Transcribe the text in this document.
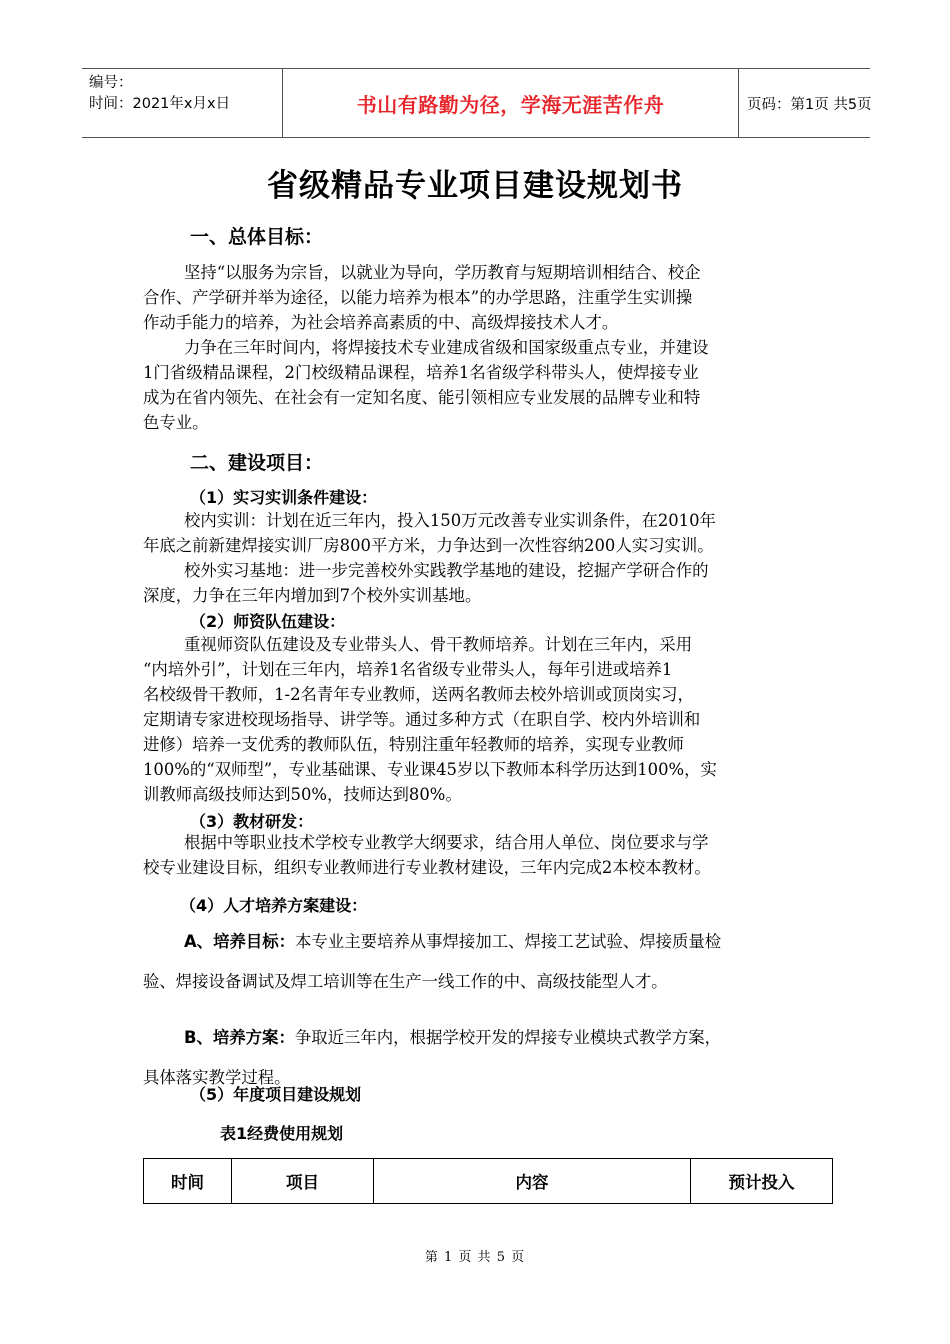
编号：
时间：2021年x月x日	书山有路勤为径，学海无涯苦作舟	页码：第1页 共5页
省级精品专业项目建设规划书
一、总体目标：
坚持“以服务为宗旨，以就业为导向，学历教育与短期培训相结合、校企
合作、产学研并举为途径，以能力培养为根本”的办学思路，注重学生实训操
作动手能力的培养，为社会培养高素质的中、高级焊接技术人才。
力争在三年时间内，将焊接技术专业建成省级和国家级重点专业，并建设
1门省级精品课程，2门校级精品课程，培养1名省级学科带头人，使焊接专业
成为在省内领先、在社会有一定知名度、能引领相应专业发展的品牌专业和特
色专业。
二、建设项目：
（1）实习实训条件建设：
校内实训：计划在近三年内，投入150万元改善专业实训条件，在2010年
年底之前新建焊接实训厂房800平方米，力争达到一次性容纳200人实习实训。
校外实习基地：进一步完善校外实践教学基地的建设，挖掘产学研合作的
深度，力争在三年内增加到7个校外实训基地。
（2）师资队伍建设：
重视师资队伍建设及专业带头人、骨干教师培养。计划在三年内，采用
“内培外引”，计划在三年内，培养1名省级专业带头人，每年引进或培养1
名校级骨干教师，1-2名青年专业教师，送两名教师去校外培训或顶岗实习，
定期请专家进校现场指导、讲学等。通过多种方式（在职自学、校内外培训和
进修）培养一支优秀的教师队伍，特别注重年轻教师的培养，实现专业教师
100%的“双师型”，专业基础课、专业课45岁以下教师本科学历达到100%，实
训教师高级技师达到50%，技师达到80%。
（3）教材研发：
根据中等职业技术学校专业教学大纲要求，结合用人单位、岗位要求与学
校专业建设目标，组织专业教师进行专业教材建设，三年内完成2本校本教材。
（4）人才培养方案建设：
A、培养目标：本专业主要培养从事焊接加工、焊接工艺试验、焊接质量检
验、焊接设备调试及焊工培训等在生产一线工作的中、高级技能型人才。
B、培养方案：争取近三年内，根据学校开发的焊接专业模块式教学方案，
具体落实教学过程。
（5）年度项目建设规划
表1经费使用规划
时间	项目	内容	预计投入
第 1 页 共 5 页
